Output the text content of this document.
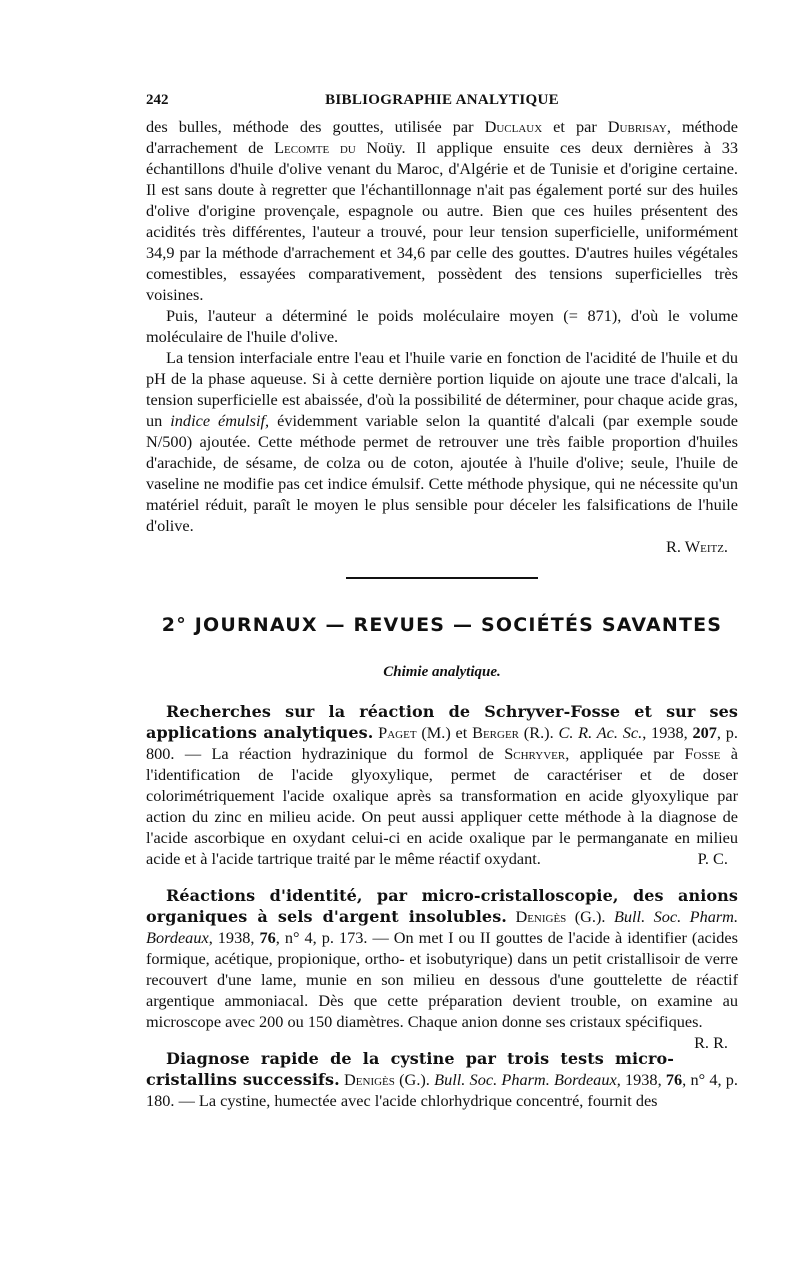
242	BIBLIOGRAPHIE ANALYTIQUE

des bulles, méthode des gouttes, utilisée par Duclaux et par Dubrisay, méthode d'arrachement de Lecomte du Noüy. Il applique ensuite ces deux dernières à 33 échantillons d'huile d'olive venant du Maroc, d'Algérie et de Tunisie et d'origine certaine. Il est sans doute à regretter que l'échantillonnage n'ait pas également porté sur des huiles d'olive d'origine provençale, espagnole ou autre. Bien que ces huiles présentent des acidités très différentes, l'auteur a trouvé, pour leur tension superficielle, uniformément 34,9 par la méthode d'arrachement et 34,6 par celle des gouttes. D'autres huiles végétales comestibles, essayées comparativement, possèdent des tensions superficielles très voisines.

Puis, l'auteur a déterminé le poids moléculaire moyen (= 871), d'où le volume moléculaire de l'huile d'olive.

La tension interfaciale entre l'eau et l'huile varie en fonction de l'acidité de l'huile et du pH de la phase aqueuse. Si à cette dernière portion liquide on ajoute une trace d'alcali, la tension superficielle est abaissée, d'où la possibilité de déterminer, pour chaque acide gras, un indice émulsif, évidemment variable selon la quantité d'alcali (par exemple soude N/500) ajoutée. Cette méthode permet de retrouver une très faible proportion d'huiles d'arachide, de sésame, de colza ou de coton, ajoutée à l'huile d'olive; seule, l'huile de vaseline ne modifie pas cet indice émulsif. Cette méthode physique, qui ne nécessite qu'un matériel réduit, paraît le moyen le plus sensible pour déceler les falsifications de l'huile d'olive.

R. Weitz.

2° JOURNAUX — REVUES — SOCIÉTÉS SAVANTES
Chimie analytique.

Recherches sur la réaction de Schryver-Fosse et sur ses applications analytiques. Paget (M.) et Berger (R.). C. R. Ac. Sc., 1938, 207, p. 800. — La réaction hydrazinique du formol de Schryver, appliquée par Fosse à l'identification de l'acide glyoxylique, permet de caractériser et de doser colorimétriquement l'acide oxalique après sa transformation en acide glyoxylique par action du zinc en milieu acide. On peut aussi appliquer cette méthode à la diagnose de l'acide ascorbique en oxydant celui-ci en acide oxalique par le permanganate en milieu acide et à l'acide tartrique traité par le même réactif oxydant.	P. C.

Réactions d'identité, par micro-cristalloscopie, des anions organiques à sels d'argent insolubles. Denigès (G.). Bull. Soc. Pharm. Bordeaux, 1938, 76, n° 4, p. 173. — On met I ou II gouttes de l'acide à identifier (acides formique, acétique, propionique, ortho- et isobutyrique) dans un petit cristallisoir de verre recouvert d'une lame, munie en son milieu en dessous d'une gouttelette de réactif argentique ammoniacal. Dès que cette préparation devient trouble, on examine au microscope avec 200 ou 150 diamètres. Chaque anion donne ses cristaux spécifiques.
R. R.

Diagnose rapide de la cystine par trois tests micro-cristallins successifs. Denigès (G.). Bull. Soc. Pharm. Bordeaux, 1938, 76, n° 4, p. 180. — La cystine, humectée avec l'acide chlorhydrique concentré, fournit des
